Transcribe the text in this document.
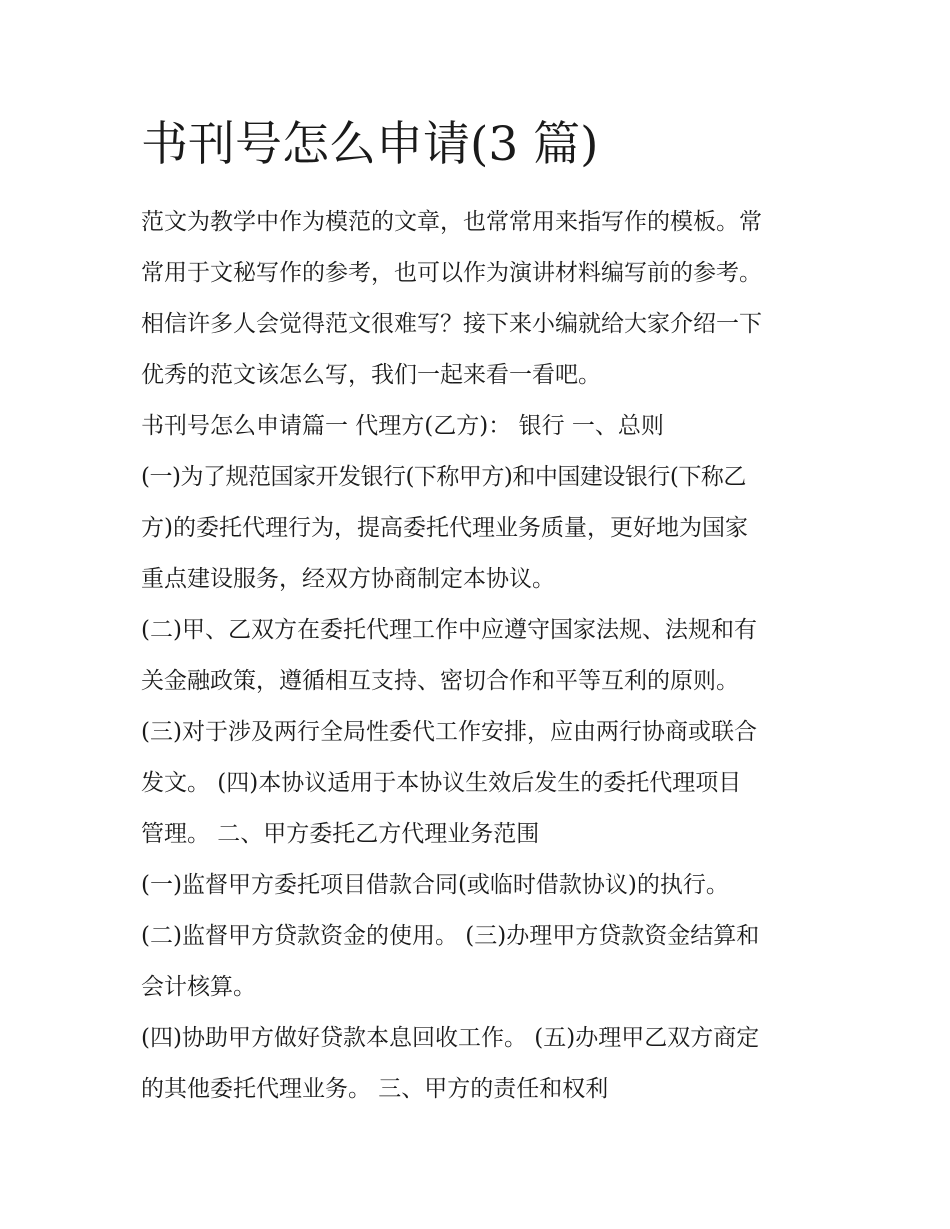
书刊号怎么申请(3 篇)
范文为教学中作为模范的文章，也常常用来指写作的模板。常
常用于文秘写作的参考，也可以作为演讲材料编写前的参考。
相信许多人会觉得范文很难写？接下来小编就给大家介绍一下
优秀的范文该怎么写，我们一起来看一看吧。
书刊号怎么申请篇一 代理方(乙方)： 银行 一、总则
(一)为了规范国家开发银行(下称甲方)和中国建设银行(下称乙
方)的委托代理行为，提高委托代理业务质量，更好地为国家
重点建设服务，经双方协商制定本协议。
(二)甲、乙双方在委托代理工作中应遵守国家法规、法规和有
关金融政策，遵循相互支持、密切合作和平等互利的原则。
(三)对于涉及两行全局性委代工作安排，应由两行协商或联合
发文。 (四)本协议适用于本协议生效后发生的委托代理项目
管理。 二、甲方委托乙方代理业务范围
(一)监督甲方委托项目借款合同(或临时借款协议)的执行。
(二)监督甲方贷款资金的使用。 (三)办理甲方贷款资金结算和
会计核算。
(四)协助甲方做好贷款本息回收工作。 (五)办理甲乙双方商定
的其他委托代理业务。 三、甲方的责任和权利
